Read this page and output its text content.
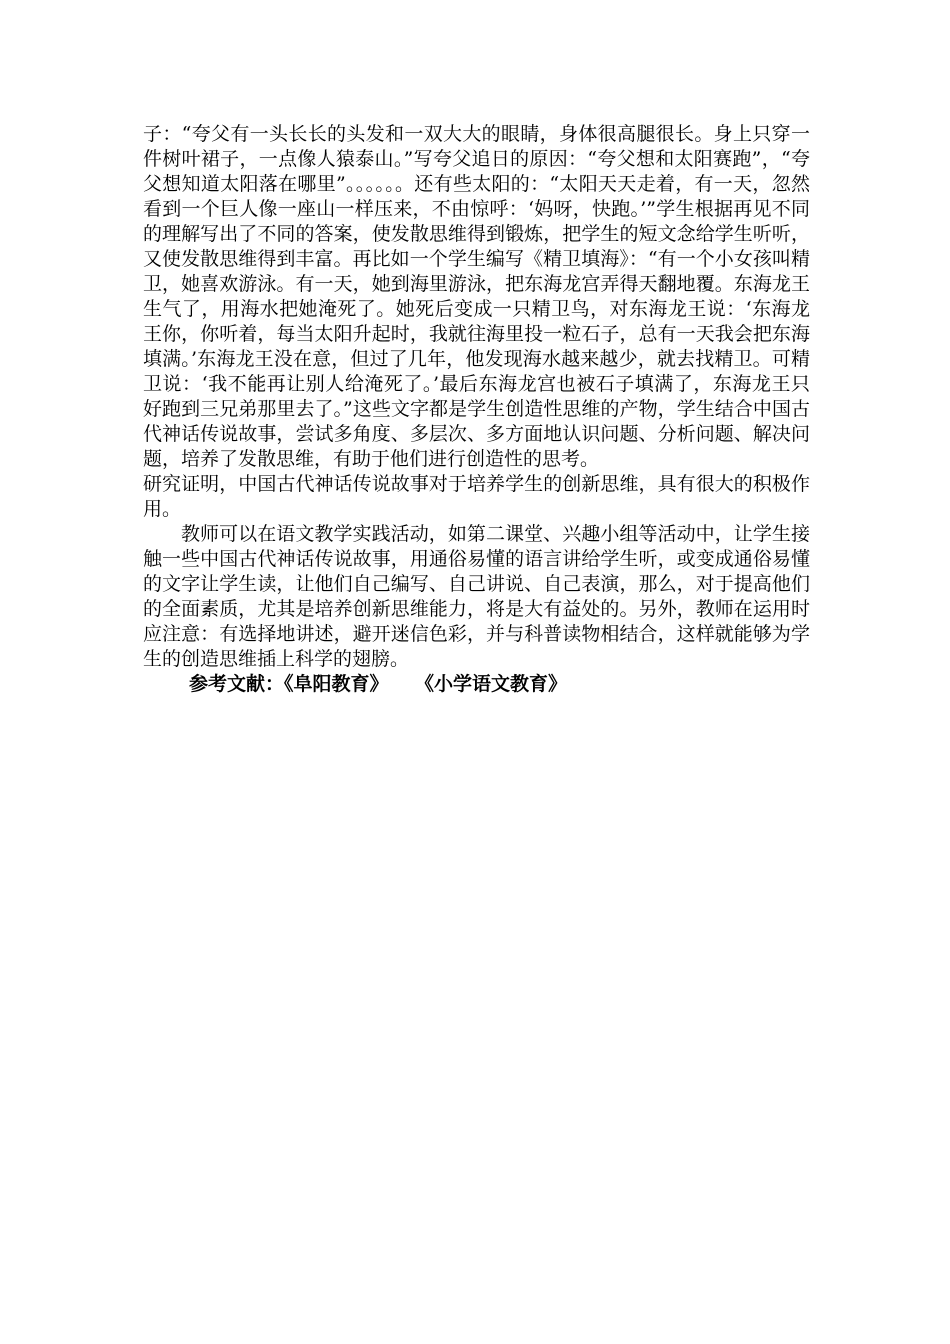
子：“夸父有一头长长的头发和一双大大的眼睛，身体很高腿很长。身上只穿一件树叶裙子，一点像人猿泰山。”写夸父追日的原因：“夸父想和太阳赛跑”，“夸父想知道太阳落在哪里”。。。。。。还有些太阳的：“太阳天天走着，有一天，忽然看到一个巨人像一座山一样压来，不由惊呼：‘妈呀，快跑。’”学生根据再见不同的理解写出了不同的答案，使发散思维得到锻炼，把学生的短文念给学生听听，又使发散思维得到丰富。再比如一个学生编写《精卫填海》：“有一个小女孩叫精卫，她喜欢游泳。有一天，她到海里游泳，把东海龙宫弄得天翻地覆。东海龙王生气了，用海水把她淹死了。她死后变成一只精卫鸟，对东海龙王说：‘东海龙王你，你听着，每当太阳升起时，我就往海里投一粒石子，总有一天我会把东海填满。’东海龙王没在意，但过了几年，他发现海水越来越少，就去找精卫。可精卫说：‘我不能再让别人给淹死了。’最后东海龙宫也被石子填满了，东海龙王只好跑到三兄弟那里去了。”这些文字都是学生创造性思维的产物，学生结合中国古代神话传说故事，尝试多角度、多层次、多方面地认识问题、分析问题、解决问题，培养了发散思维，有助于他们进行创造性的思考。

研究证明，中国古代神话传说故事对于培养学生的创新思维，具有很大的积极作用。

教师可以在语文教学实践活动，如第二课堂、兴趣小组等活动中，让学生接触一些中国古代神话传说故事，用通俗易懂的语言讲给学生听，或变成通俗易懂的文字让学生读，让他们自己编写、自己讲说、自己表演，那么，对于提高他们的全面素质，尤其是培养创新思维能力，将是大有益处的。另外，教师在运用时应注意：有选择地讲述，避开迷信色彩，并与科普读物相结合，这样就能够为学生的创造思维插上科学的翅膀。

参考文献：《阜阳教育》 《小学语文教育》
